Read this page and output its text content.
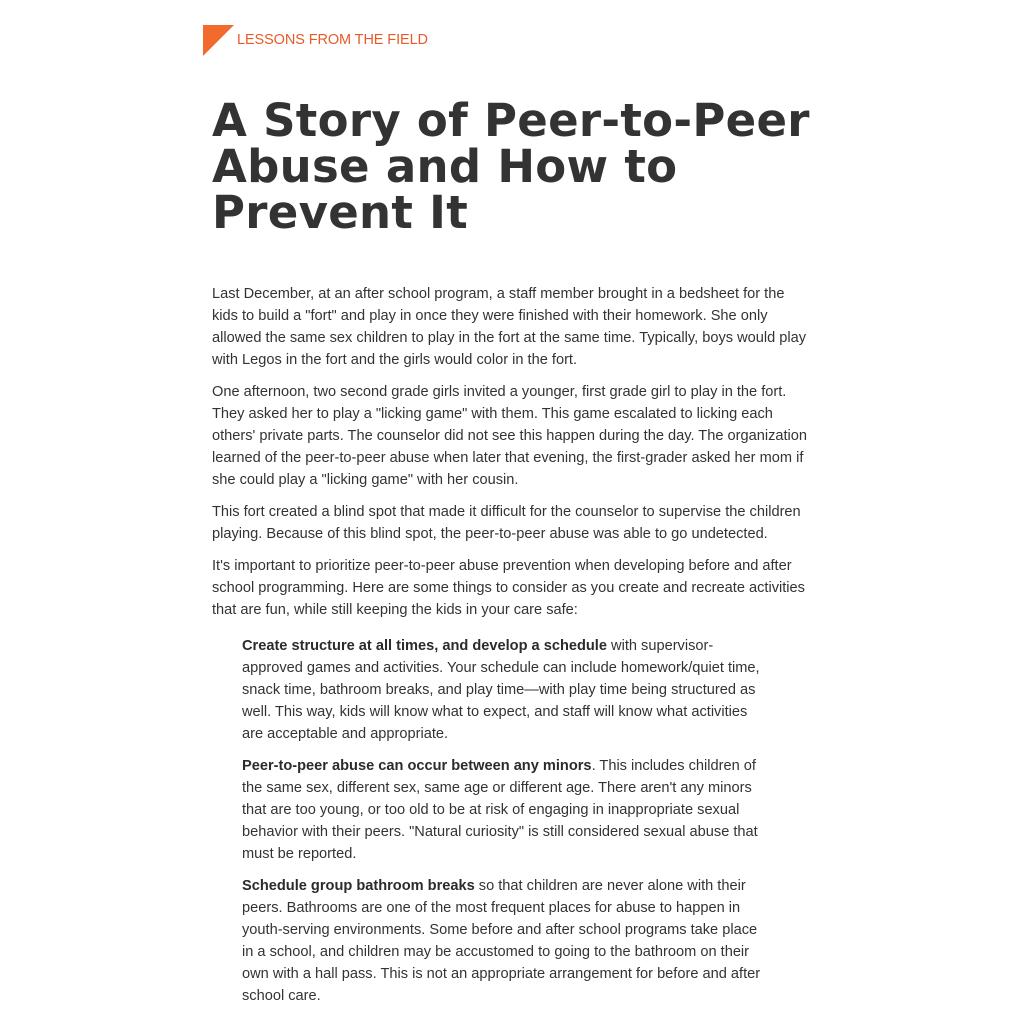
LESSONS FROM THE FIELD
A Story of Peer-to-Peer Abuse and How to Prevent It

Last December, at an after school program, a staff member brought in a bedsheet for the kids to build a "fort" and play in once they were finished with their homework. She only allowed the same sex children to play in the fort at the same time. Typically, boys would play with Legos in the fort and the girls would color in the fort.

One afternoon, two second grade girls invited a younger, first grade girl to play in the fort. They asked her to play a "licking game" with them. This game escalated to licking each others' private parts. The counselor did not see this happen during the day. The organization learned of the peer-to-peer abuse when later that evening, the first-grader asked her mom if she could play a "licking game" with her cousin.

This fort created a blind spot that made it difficult for the counselor to supervise the children playing. Because of this blind spot, the peer-to-peer abuse was able to go undetected.

It's important to prioritize peer-to-peer abuse prevention when developing before and after school programming. Here are some things to consider as you create and recreate activities that are fun, while still keeping the kids in your care safe:

Create structure at all times, and develop a schedule with supervisor-approved games and activities. Your schedule can include homework/quiet time, snack time, bathroom breaks, and play time—with play time being structured as well. This way, kids will know what to expect, and staff will know what activities are acceptable and appropriate.
Peer-to-peer abuse can occur between any minors. This includes children of the same sex, different sex, same age or different age. There aren't any minors that are too young, or too old to be at risk of engaging in inappropriate sexual behavior with their peers. "Natural curiosity" is still considered sexual abuse that must be reported.
Schedule group bathroom breaks so that children are never alone with their peers. Bathrooms are one of the most frequent places for abuse to happen in youth-serving environments. Some before and after school programs take place in a school, and children may be accustomed to going to the bathroom on their own with a hall pass. This is not an appropriate arrangement for before and after school care.
